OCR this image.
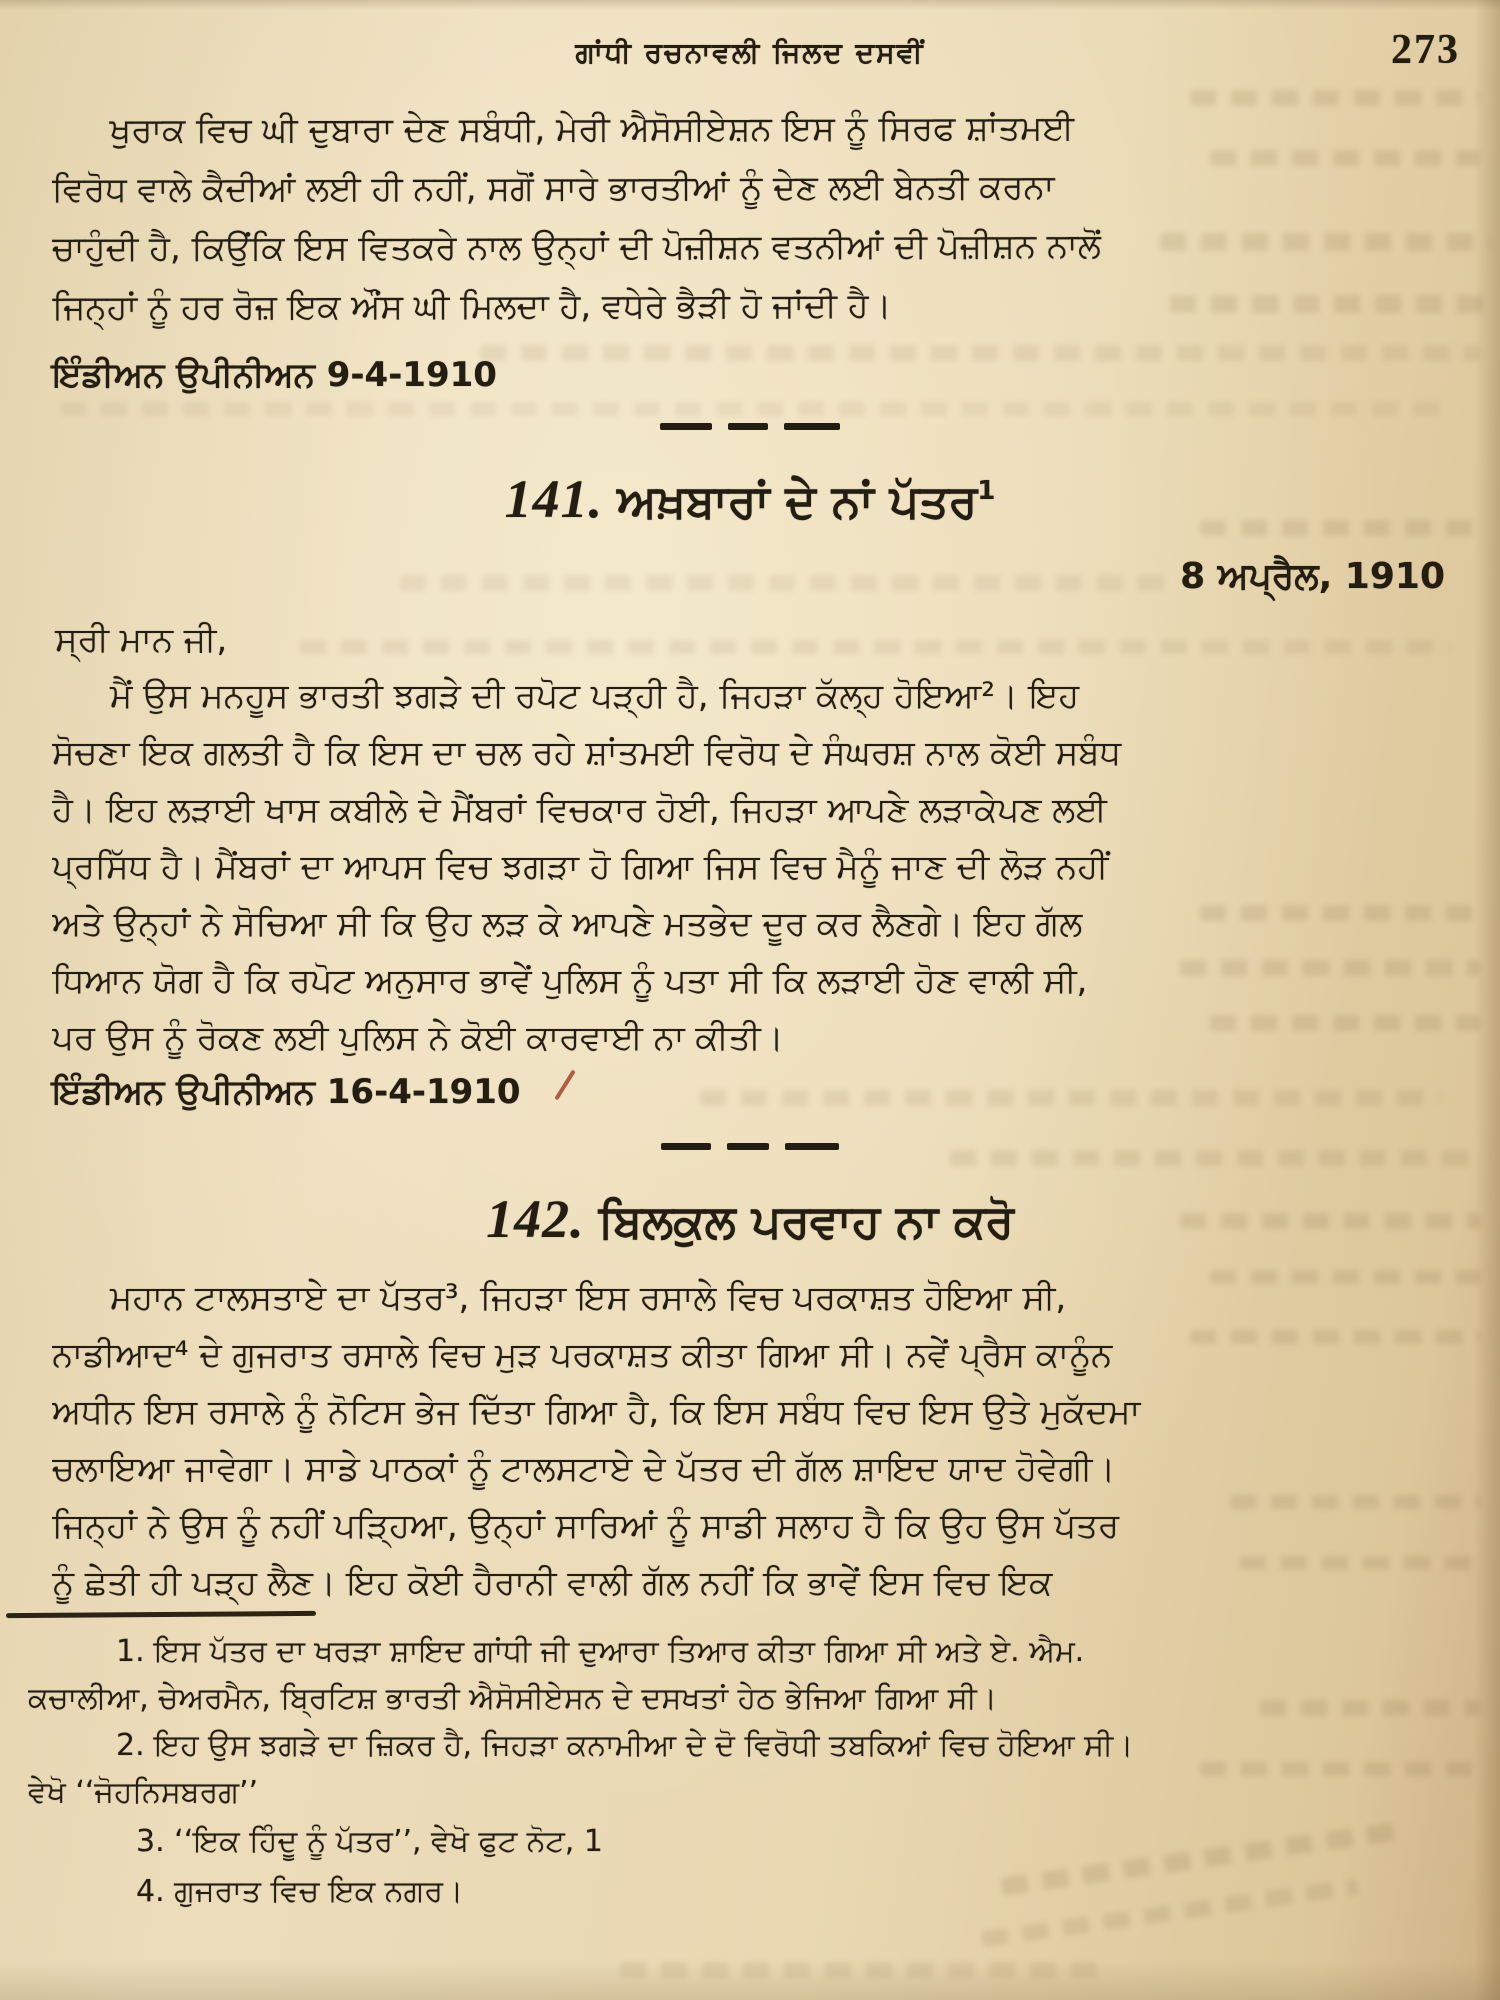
ਗਾਂਧੀ ਰਚਨਾਵਲੀ ਜਿਲਦ ਦਸਵੀਂ	273
ਖੁਰਾਕ ਵਿਚ ਘੀ ਦੁਬਾਰਾ ਦੇਣ ਸਬੰਧੀ, ਮੇਰੀ ਐਸੋਸੀਏਸ਼ਨ ਇਸ ਨੂੰ ਸਿਰਫ ਸ਼ਾਂਤਮਈ
ਵਿਰੋਧ ਵਾਲੇ ਕੈਦੀਆਂ ਲਈ ਹੀ ਨਹੀਂ, ਸਗੋਂ ਸਾਰੇ ਭਾਰਤੀਆਂ ਨੂੰ ਦੇਣ ਲਈ ਬੇਨਤੀ ਕਰਨਾ
ਚਾਹੁੰਦੀ ਹੈ, ਕਿਉਂਕਿ ਇਸ ਵਿਤਕਰੇ ਨਾਲ ਉਨ੍ਹਾਂ ਦੀ ਪੋਜ਼ੀਸ਼ਨ ਵਤਨੀਆਂ ਦੀ ਪੋਜ਼ੀਸ਼ਨ ਨਾਲੋਂ
ਜਿਨ੍ਹਾਂ ਨੂੰ ਹਰ ਰੋਜ਼ ਇਕ ਔਂਸ ਘੀ ਮਿਲਦਾ ਹੈ, ਵਧੇਰੇ ਭੈੜੀ ਹੋ ਜਾਂਦੀ ਹੈ।
ਇੰਡੀਅਨ ਉਪੀਨੀਅਨ 9-4-1910
141. ਅਖ਼ਬਾਰਾਂ ਦੇ ਨਾਂ ਪੱਤਰ$^1$
8 ਅਪ੍ਰੈਲ, 1910
ਸ੍ਰੀ ਮਾਨ ਜੀ,
ਮੈਂ ਉਸ ਮਨਹੂਸ ਭਾਰਤੀ ਝਗੜੇ ਦੀ ਰਪੋਟ ਪੜ੍ਹੀ ਹੈ, ਜਿਹੜਾ ਕੱਲ੍ਹ ਹੋਇਆ²। ਇਹ
ਸੋਚਣਾ ਇਕ ਗਲਤੀ ਹੈ ਕਿ ਇਸ ਦਾ ਚਲ ਰਹੇ ਸ਼ਾਂਤਮਈ ਵਿਰੋਧ ਦੇ ਸੰਘਰਸ਼ ਨਾਲ ਕੋਈ ਸਬੰਧ
ਹੈ। ਇਹ ਲੜਾਈ ਖਾਸ ਕਬੀਲੇ ਦੇ ਮੈਂਬਰਾਂ ਵਿਚਕਾਰ ਹੋਈ, ਜਿਹੜਾ ਆਪਣੇ ਲੜਾਕੇਪਣ ਲਈ
ਪ੍ਰਸਿੱਧ ਹੈ। ਮੈਂਬਰਾਂ ਦਾ ਆਪਸ ਵਿਚ ਝਗੜਾ ਹੋ ਗਿਆ ਜਿਸ ਵਿਚ ਮੈਨੂੰ ਜਾਣ ਦੀ ਲੋੜ ਨਹੀਂ
ਅਤੇ ਉਨ੍ਹਾਂ ਨੇ ਸੋਚਿਆ ਸੀ ਕਿ ਉਹ ਲੜ ਕੇ ਆਪਣੇ ਮਤਭੇਦ ਦੂਰ ਕਰ ਲੈਣਗੇ। ਇਹ ਗੱਲ
ਧਿਆਨ ਯੋਗ ਹੈ ਕਿ ਰਪੋਟ ਅਨੁਸਾਰ ਭਾਵੇਂ ਪੁਲਿਸ ਨੂੰ ਪਤਾ ਸੀ ਕਿ ਲੜਾਈ ਹੋਣ ਵਾਲੀ ਸੀ,
ਪਰ ਉਸ ਨੂੰ ਰੋਕਣ ਲਈ ਪੁਲਿਸ ਨੇ ਕੋਈ ਕਾਰਵਾਈ ਨਾ ਕੀਤੀ।
ਇੰਡੀਅਨ ਉਪੀਨੀਅਨ 16-4-1910
142. ਬਿਲਕੁਲ ਪਰਵਾਹ ਨਾ ਕਰੋ
ਮਹਾਨ ਟਾਲਸਤਾਏ ਦਾ ਪੱਤਰ³, ਜਿਹੜਾ ਇਸ ਰਸਾਲੇ ਵਿਚ ਪਰਕਾਸ਼ਤ ਹੋਇਆ ਸੀ,
ਨਾਡੀਆਦ⁴ ਦੇ ਗੁਜਰਾਤ ਰਸਾਲੇ ਵਿਚ ਮੁੜ ਪਰਕਾਸ਼ਤ ਕੀਤਾ ਗਿਆ ਸੀ। ਨਵੇਂ ਪ੍ਰੈਸ ਕਾਨੂੰਨ
ਅਧੀਨ ਇਸ ਰਸਾਲੇ ਨੂੰ ਨੋਟਿਸ ਭੇਜ ਦਿੱਤਾ ਗਿਆ ਹੈ, ਕਿ ਇਸ ਸਬੰਧ ਵਿਚ ਇਸ ਉਤੇ ਮੁਕੱਦਮਾ
ਚਲਾਇਆ ਜਾਵੇਗਾ। ਸਾਡੇ ਪਾਠਕਾਂ ਨੂੰ ਟਾਲਸਟਾਏ ਦੇ ਪੱਤਰ ਦੀ ਗੱਲ ਸ਼ਾਇਦ ਯਾਦ ਹੋਵੇਗੀ।
ਜਿਨ੍ਹਾਂ ਨੇ ਉਸ ਨੂੰ ਨਹੀਂ ਪੜ੍ਹਿਆ, ਉਨ੍ਹਾਂ ਸਾਰਿਆਂ ਨੂੰ ਸਾਡੀ ਸਲਾਹ ਹੈ ਕਿ ਉਹ ਉਸ ਪੱਤਰ
ਨੂੰ ਛੇਤੀ ਹੀ ਪੜ੍ਹ ਲੈਣ। ਇਹ ਕੋਈ ਹੈਰਾਨੀ ਵਾਲੀ ਗੱਲ ਨਹੀਂ ਕਿ ਭਾਵੇਂ ਇਸ ਵਿਚ ਇਕ
1. ਇਸ ਪੱਤਰ ਦਾ ਖਰੜਾ ਸ਼ਾਇਦ ਗਾਂਧੀ ਜੀ ਦੁਆਰਾ ਤਿਆਰ ਕੀਤਾ ਗਿਆ ਸੀ ਅਤੇ ਏ. ਐਮ.
ਕਚਾਲੀਆ, ਚੇਅਰਮੈਨ, ਬ੍ਰਿਟਿਸ਼ ਭਾਰਤੀ ਐਸੋਸੀਏਸਨ ਦੇ ਦਸਖਤਾਂ ਹੇਠ ਭੇਜਿਆ ਗਿਆ ਸੀ।
2. ਇਹ ਉਸ ਝਗੜੇ ਦਾ ਜ਼ਿਕਰ ਹੈ, ਜਿਹੜਾ ਕਨਾਮੀਆ ਦੇ ਦੋ ਵਿਰੋਧੀ ਤਬਕਿਆਂ ਵਿਚ ਹੋਇਆ ਸੀ।
ਵੇਖੋ ‘‘ਜੋਹਨਿਸਬਰਗ’’
3. ‘‘ਇਕ ਹਿੰਦੂ ਨੂੰ ਪੱਤਰ’’, ਵੇਖੋ ਫੁਟ ਨੋਟ, 1
4. ਗੁਜਰਾਤ ਵਿਚ ਇਕ ਨਗਰ।
